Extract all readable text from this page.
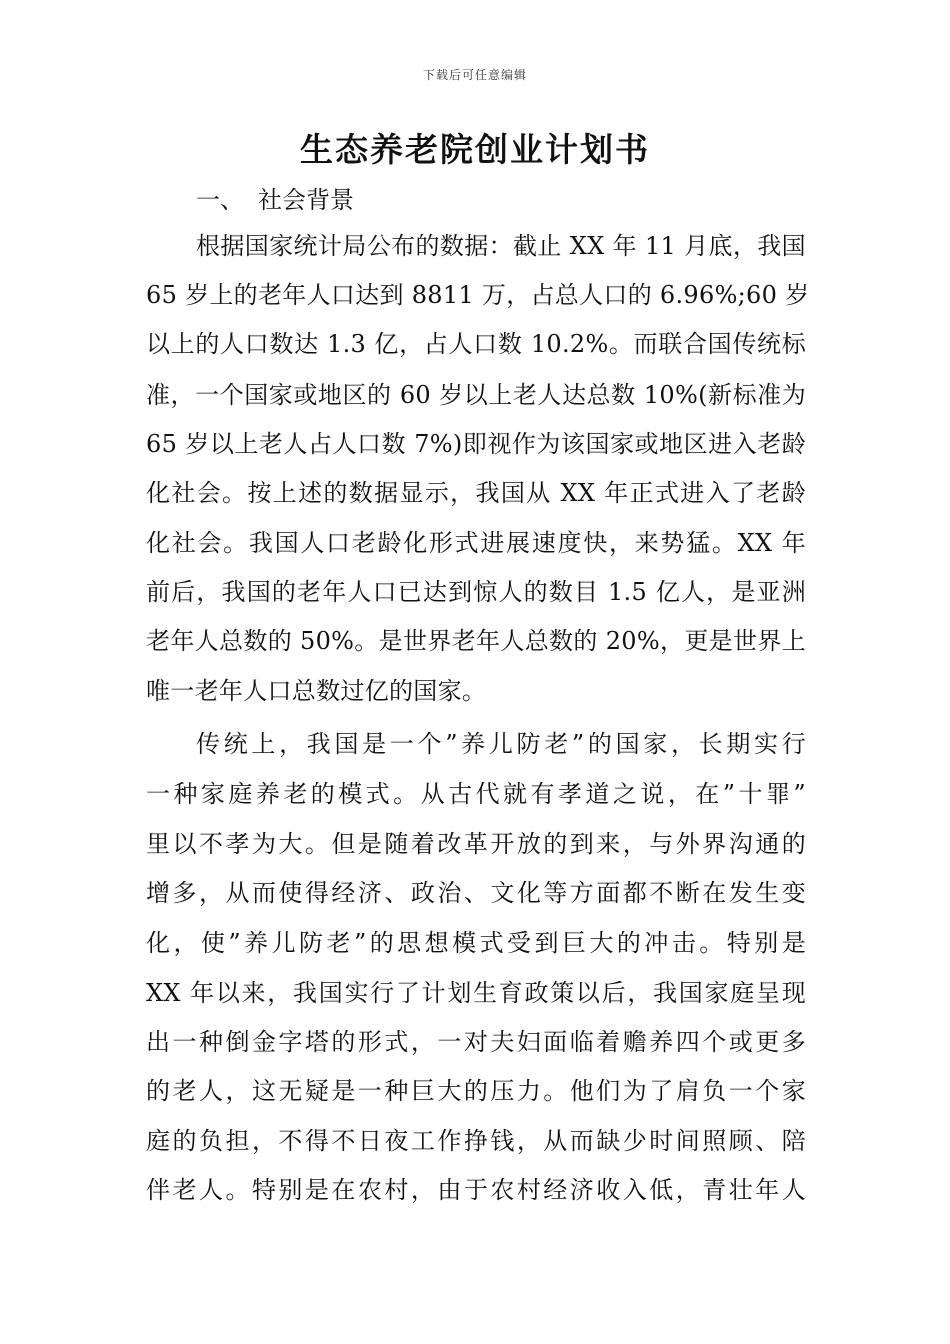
下载后可任意编辑
生态养老院创业计划书
一、 社会背景
根据国家统计局公布的数据：截止 XX 年 11 月底，我国
65 岁上的老年人口达到 8811 万，占总人口的 6.96%;60 岁
以上的人口数达 1.3 亿，占人口数 10.2%。而联合国传统标
准，一个国家或地区的 60 岁以上老人达总数 10%(新标准为
65 岁以上老人占人口数 7%)即视作为该国家或地区进入老龄
化社会。按上述的数据显示，我国从 XX 年正式进入了老龄
化社会。我国人口老龄化形式进展速度快，来势猛。XX 年
前后，我国的老年人口已达到惊人的数目 1.5 亿人，是亚洲
老年人总数的 50%。是世界老年人总数的 20%，更是世界上
唯一老年人口总数过亿的国家。
传统上，我国是一个”养儿防老”的国家，长期实行
一种家庭养老的模式。从古代就有孝道之说，在”十罪”
里以不孝为大。但是随着改革开放的到来，与外界沟通的
增多，从而使得经济、政治、文化等方面都不断在发生变
化，使”养儿防老”的思想模式受到巨大的冲击。特别是
XX 年以来，我国实行了计划生育政策以后，我国家庭呈现
出一种倒金字塔的形式，一对夫妇面临着赡养四个或更多
的老人，这无疑是一种巨大的压力。他们为了肩负一个家
庭的负担，不得不日夜工作挣钱，从而缺少时间照顾、陪
伴老人。特别是在农村，由于农村经济收入低，青壮年人
